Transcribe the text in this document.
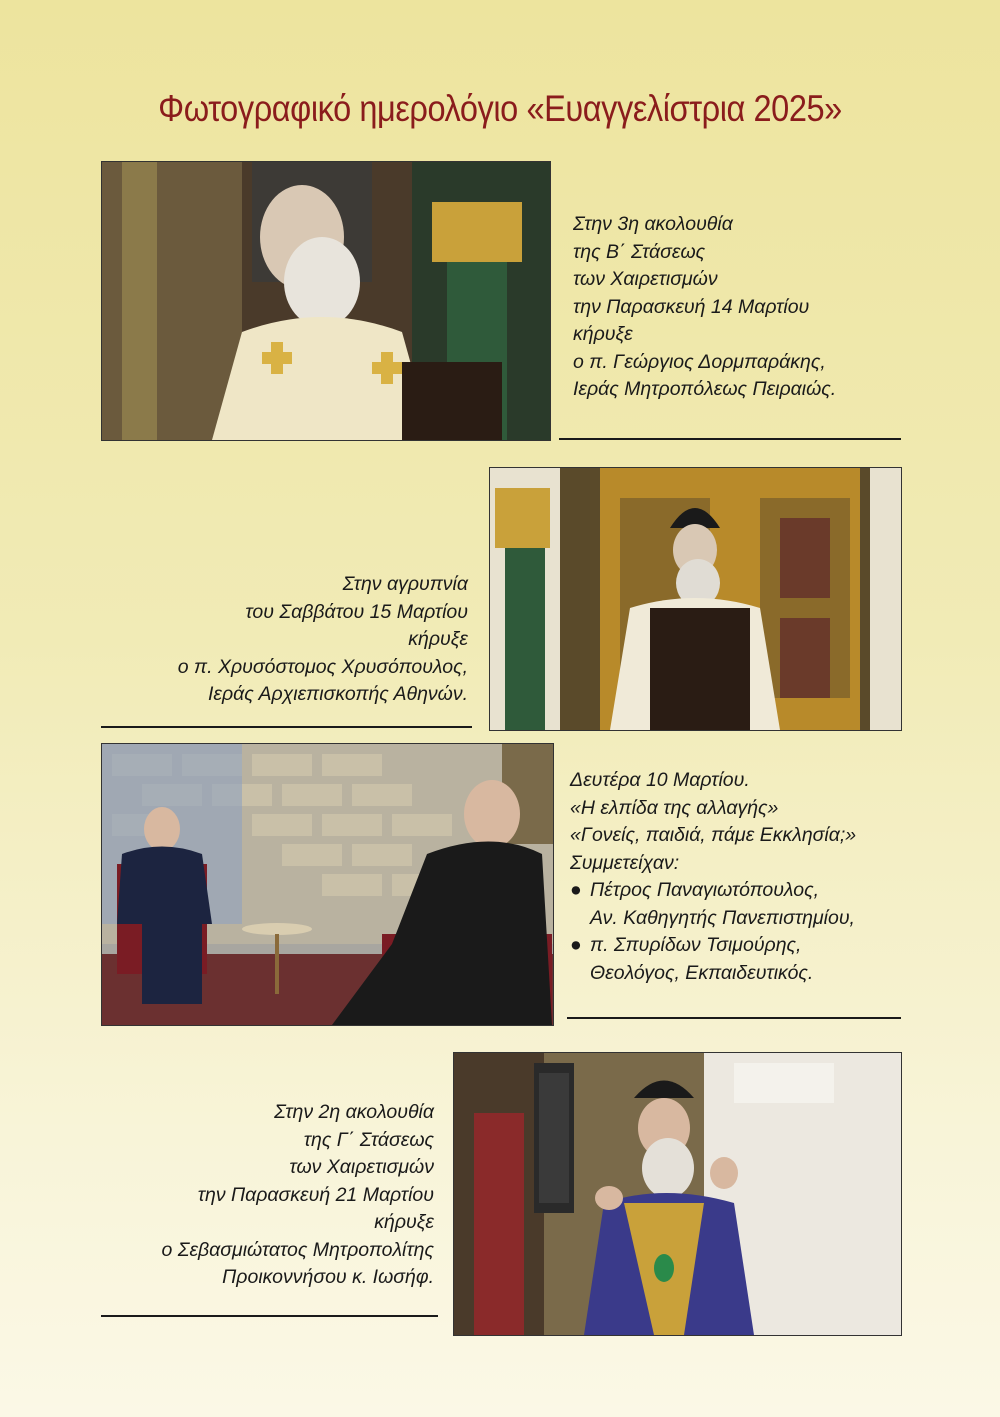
Φωτογραφικό ημερολόγιο «Ευαγγελίστρια 2025»
Στην 3η ακολουθία
της Β΄ Στάσεως
των Χαιρετισμών
την Παρασκευή 14 Μαρτίου
κήρυξε
ο π. Γεώργιος Δορμπαράκης,
Ιεράς Μητροπόλεως Πειραιώς.
Στην αγρυπνία
του Σαββάτου 15 Μαρτίου
κήρυξε
ο π. Χρυσόστομος Χρυσόπουλος,
Ιεράς Αρχιεπισκοπής Αθηνών.
Δευτέρα 10 Μαρτίου.
«Η ελπίδα της αλλαγής»
«Γονείς, παιδιά, πάμε Εκκλησία;»
Συμμετείχαν:
● Πέτρος Παναγιωτόπουλος,
Αν. Καθηγητής Πανεπιστημίου,
● π. Σπυρίδων Τσιμούρης,
Θεολόγος, Εκπαιδευτικός.
Στην 2η ακολουθία
της Γ΄ Στάσεως
των Χαιρετισμών
την Παρασκευή 21 Μαρτίου
κήρυξε
ο Σεβασμιώτατος Μητροπολίτης
Προικοννήσου κ. Ιωσήφ.
